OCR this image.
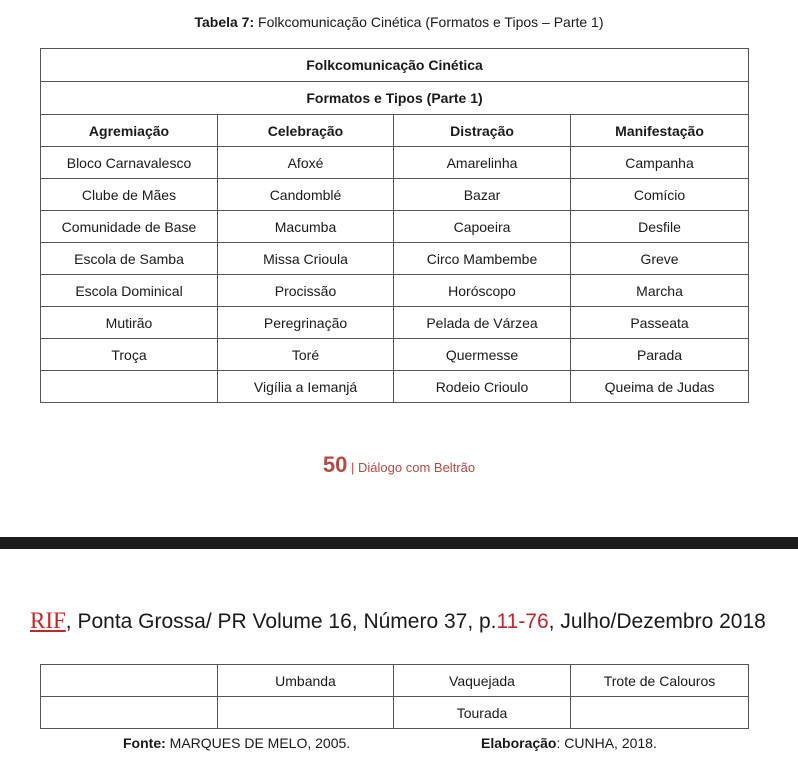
Tabela 7: Folkcomunicação Cinética (Formatos e Tipos – Parte 1)
Folkcomunicação Cinética			
Formatos e Tipos (Parte 1)			
Agremiação	Celebração	Distração	Manifestação
Bloco Carnavalesco	Afoxé	Amarelinha	Campanha
Clube de Mães	Candomblé	Bazar	Comício
Comunidade de Base	Macumba	Capoeira	Desfile
Escola de Samba	Missa Crioula	Circo Mambembe	Greve
Escola Dominical	Procissão	Horóscopo	Marcha
Mutirão	Peregrinação	Pelada de Várzea	Passeata
Troça	Toré	Quermesse	Parada
	Vigília a Iemanjá	Rodeio Crioulo	Queima de Judas
50 | Diálogo com Beltrão
RIF, Ponta Grossa/ PR Volume 16, Número 37, p.11-76, Julho/Dezembro 2018
	Umbanda	Vaquejada	Trote de Calouros
		Tourada	
Fonte: MARQUES DE MELO, 2005.	Elaboração: CUNHA, 2018.
